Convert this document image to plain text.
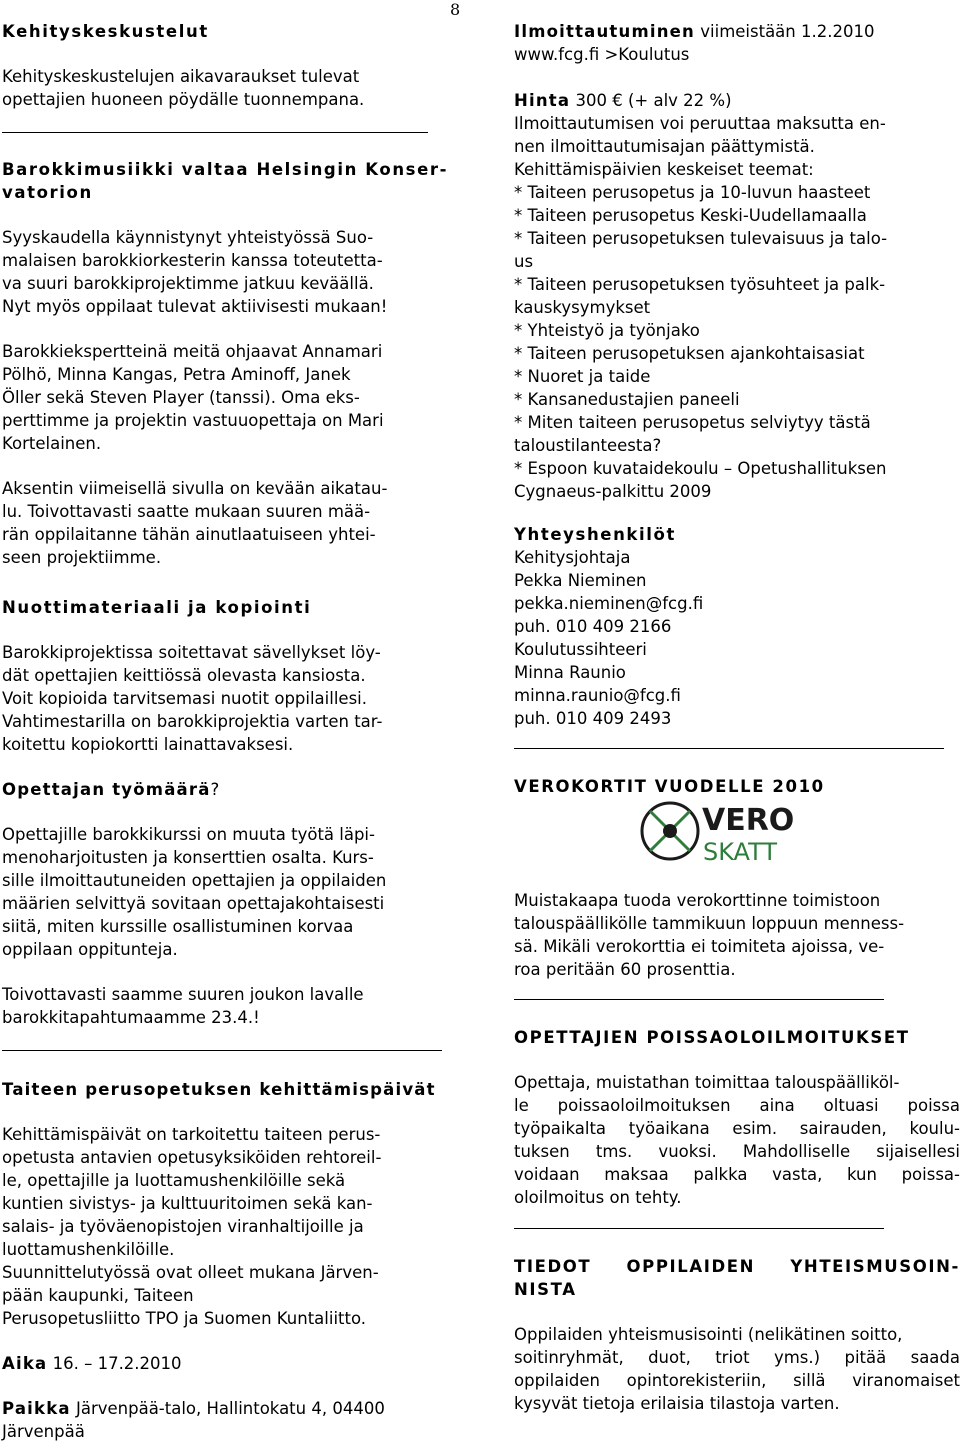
8

Kehityskeskustelut

Kehityskeskustelujen aikavaraukset tulevat

opettajien huoneen pöydälle tuonnempana.

Barokkimusiikki valtaa Helsingin Konser-

vatorion

Syyskaudella käynnistynyt yhteistyössä Suo-

malaisen barokkiorkesterin kanssa toteutetta-

va suuri barokkiprojektimme jatkuu keväällä.

Nyt myös oppilaat tulevat aktiivisesti mukaan!

Barokkiekspertteinä meitä ohjaavat Annamari

Pölhö, Minna Kangas, Petra Aminoff, Janek

Öller sekä Steven Player (tanssi). Oma eks-

perttimme ja projektin vastuuopettaja on Mari

Kortelainen.

Aksentin viimeisellä sivulla on kevään aikatau-

lu. Toivottavasti saatte mukaan suuren mää-

rän oppilaitanne tähän ainutlaatuiseen yhtei-

seen projektiimme.

Nuottimateriaali ja kopiointi

Barokkiprojektissa soitettavat sävellykset löy-

dät opettajien keittiössä olevasta kansiosta.

Voit kopioida tarvitsemasi nuotit oppilaillesi.

Vahtimestarilla on barokkiprojektia varten tar-

koitettu kopiokortti lainattavaksesi.

Opettajan työmäärä?

Opettajille barokkikurssi on muuta työtä läpi-

menoharjoitusten ja konserttien osalta. Kurs-

sille ilmoittautuneiden opettajien ja oppilaiden

määrien selvittyä sovitaan opettajakohtaisesti

siitä, miten kurssille osallistuminen korvaa

oppilaan oppitunteja.

Toivottavasti saamme suuren joukon lavalle

barokkitapahtumaamme 23.4.!

Taiteen perusopetuksen kehittämispäivät

Kehittämispäivät on tarkoitettu taiteen perus-

opetusta antavien opetusyksiköiden rehtoreil-

le, opettajille ja luottamushenkilöille sekä

kuntien sivistys- ja kulttuuritoimen sekä kan-

salais- ja työväenopistojen viranhaltijoille ja

luottamushenkilöille.

Suunnittelutyössä ovat olleet mukana Järven-

pään kaupunki, Taiteen

Perusopetusliitto TPO ja Suomen Kuntaliitto.

Aika 16. – 17.2.2010

Paikka Järvenpää-talo, Hallintokatu 4, 04400

Järvenpää

Ilmoittautuminen viimeistään 1.2.2010

www.fcg.fi >Koulutus

Hinta 300 € (+ alv 22 %)

Ilmoittautumisen voi peruuttaa maksutta en-

nen ilmoittautumisajan päättymistä.

Kehittämispäivien keskeiset teemat:

* Taiteen perusopetus ja 10-luvun haasteet

* Taiteen perusopetus Keski-Uudellamaalla

* Taiteen perusopetuksen tulevaisuus ja talo-

us

* Taiteen perusopetuksen työsuhteet ja palk-

kauskysymykset

* Yhteistyö ja työnjako

* Taiteen perusopetuksen ajankohtaisasiat

* Nuoret ja taide

* Kansanedustajien paneeli

* Miten taiteen perusopetus selviytyy tästä

taloustilanteesta?

* Espoon kuvataidekoulu – Opetushallituksen

Cygnaeus-palkittu 2009

Yhteyshenkilöt

Kehitysjohtaja

Pekka Nieminen

pekka.nieminen@fcg.fi

puh. 010 409 2166

Koulutussihteeri

Minna Raunio

minna.raunio@fcg.fi

puh. 010 409 2493

VEROKORTIT VUODELLE 2010

Muistakaapa tuoda verokorttinne toimistoon

talouspäällikölle tammikuun loppuun menness-

sä. Mikäli verokorttia ei toimiteta ajoissa, ve-

roa peritään 60 prosenttia.

OPETTAJIEN POISSAOLOILMOITUKSET

Opettaja, muistathan toimittaa talouspäälliköl-

le poissaoloilmoituksen aina oltuasi poissa

työpaikalta työaikana esim. sairauden, koulu-

tuksen tms. vuoksi. Mahdolliselle sijaisellesi

voidaan maksaa palkka vasta, kun poissa-

oloilmoitus on tehty.

TIEDOT OPPILAIDEN YHTEISMUSOIN-

NISTA

Oppilaiden yhteismusisointi (nelikätinen soitto,

soitinryhmät, duot, triot yms.) pitää saada

oppilaiden opintorekisteriin, sillä viranomaiset

kysyvät tietoja erilaisia tilastoja varten.

VERO
SKATT
